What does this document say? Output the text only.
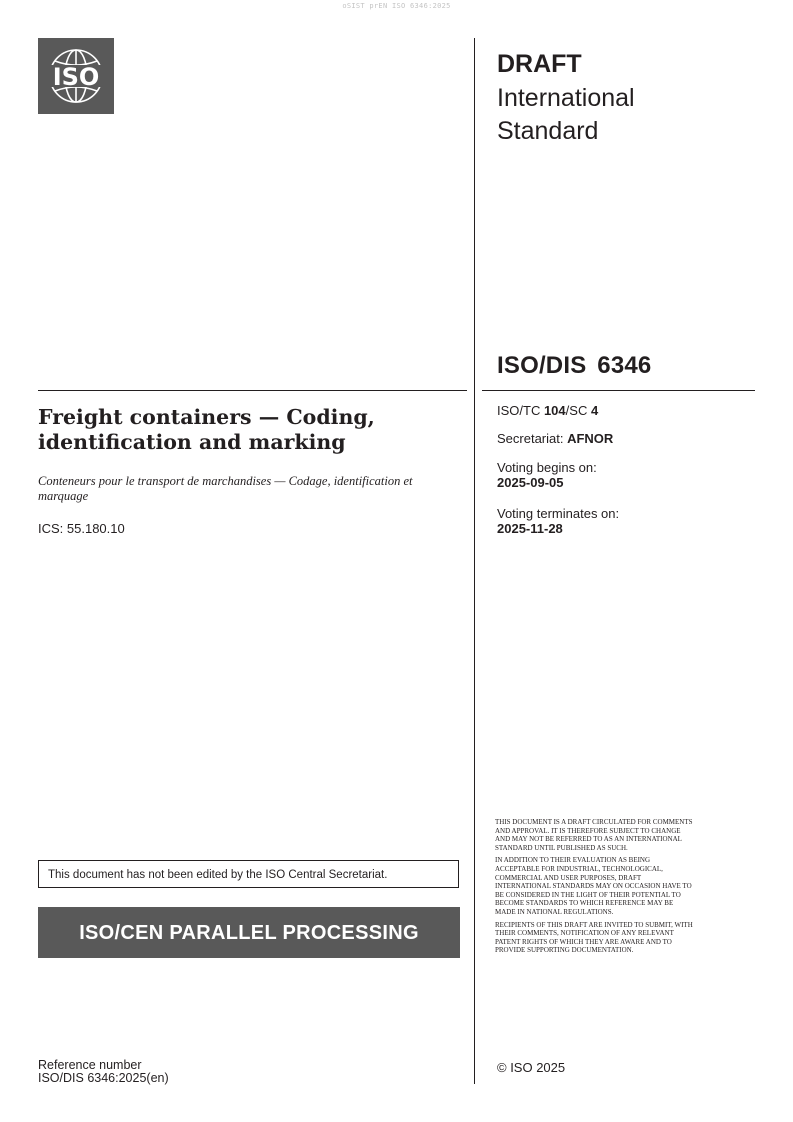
oSIST prEN ISO 6346:2025
ISO	DRAFT
International
Standard
ISO/DIS 6346
Freight containers — Coding, identification and marking
Conteneurs pour le transport de marchandises — Codage, identification et marquage
ICS: 55.180.10
ISO/TC 104/SC 4
Secretariat: AFNOR
Voting begins on:
2025-09-05
Voting terminates on:
2025-11-28
This document has not been edited by the ISO Central Secretariat.
ISO/CEN PARALLEL PROCESSING

THIS DOCUMENT IS A DRAFT CIRCULATED FOR COMMENTS AND APPROVAL. IT IS THEREFORE SUBJECT TO CHANGE AND MAY NOT BE REFERRED TO AS AN INTERNATIONAL STANDARD UNTIL PUBLISHED AS SUCH.

IN ADDITION TO THEIR EVALUATION AS BEING ACCEPTABLE FOR INDUSTRIAL, TECHNOLOGICAL, COMMERCIAL AND USER PURPOSES, DRAFT INTERNATIONAL STANDARDS MAY ON OCCASION HAVE TO BE CONSIDERED IN THE LIGHT OF THEIR POTENTIAL TO BECOME STANDARDS TO WHICH REFERENCE MAY BE MADE IN NATIONAL REGULATIONS.

RECIPIENTS OF THIS DRAFT ARE INVITED TO SUBMIT, WITH THEIR COMMENTS, NOTIFICATION OF ANY RELEVANT PATENT RIGHTS OF WHICH THEY ARE AWARE AND TO PROVIDE SUPPORTING DOCUMENTATION.

Reference number
ISO/DIS 6346:2025(en)
© ISO 2025
